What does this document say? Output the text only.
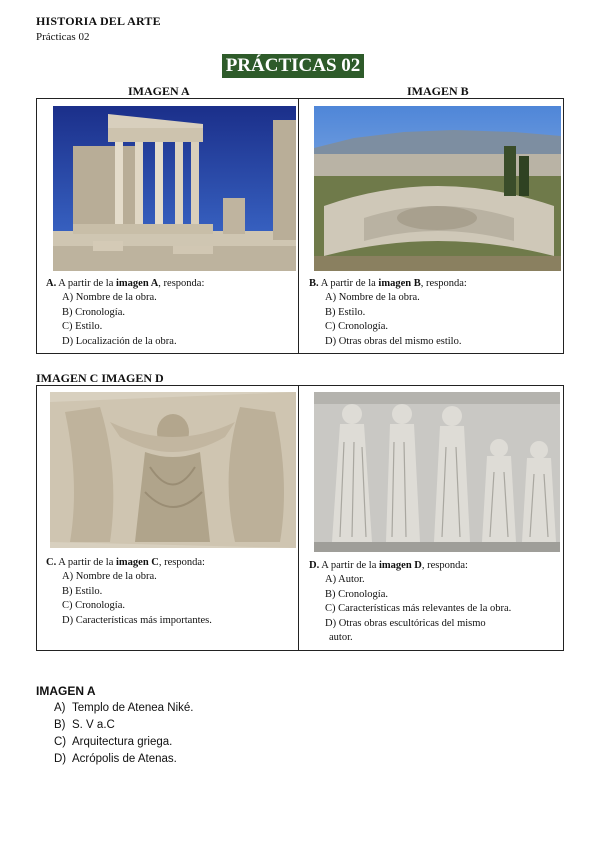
HISTORIA DEL ARTE
Prácticas 02
PRÁCTICAS 02
IMAGEN A	IMAGEN B
A. A partir de la imagen A, responda:
A) Nombre de la obra.
B) Cronología.
C) Estilo.
D) Localización de la obra.
B. A partir de la imagen B, responda:
A) Nombre de la obra.
B) Estilo.
C) Cronología.
D) Otras obras del mismo estilo.
IMAGEN C IMAGEN D
C. A partir de la imagen C, responda:
A) Nombre de la obra.
B) Estilo.
C) Cronología.
D) Características más importantes.
D. A partir de la imagen D, responda:
A) Autor.
B) Cronología.
C) Características más relevantes de la obra.
D) Otras obras escultóricas del mismo
autor.
IMAGEN A
A) Templo de Atenea Niké.
B) S. V a.C
C) Arquitectura griega.
D) Acrópolis de Atenas.
